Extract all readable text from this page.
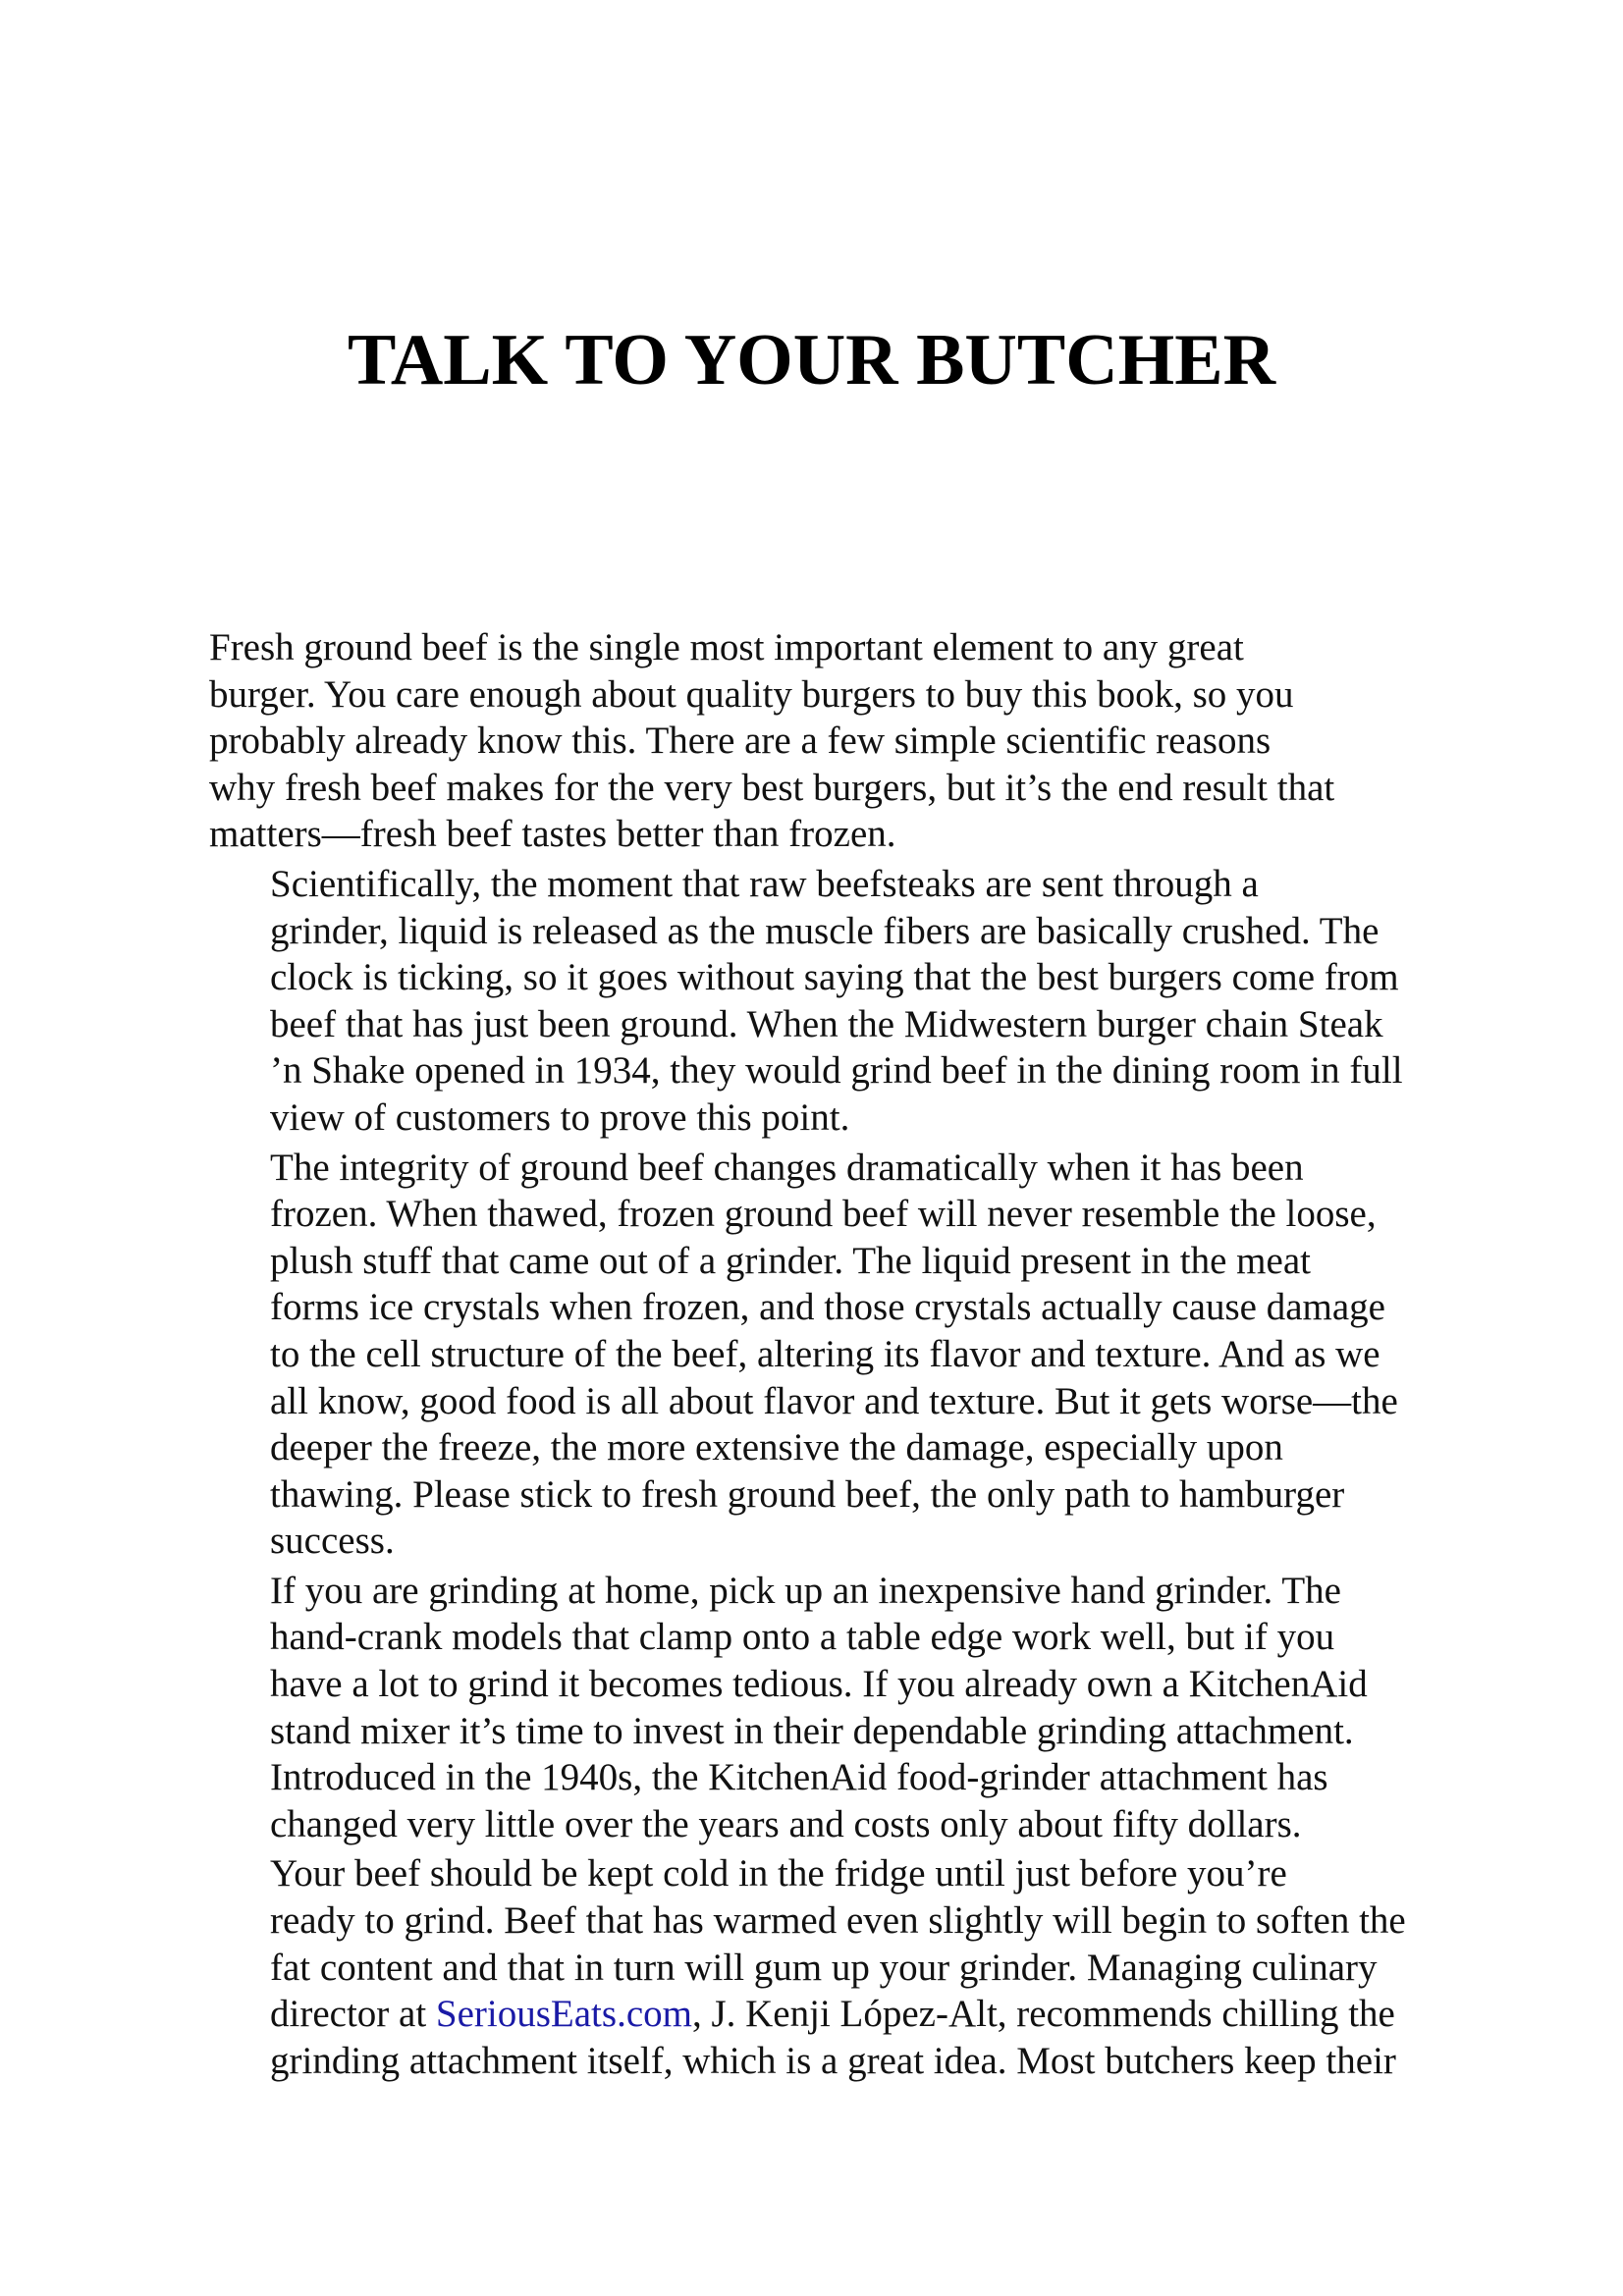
TALK TO YOUR BUTCHER

Fresh ground beef is the single most important element to any great
burger. You care enough about quality burgers to buy this book, so you
probably already know this. There are a few simple scientific reasons
why fresh beef makes for the very best burgers, but it’s the end result that
matters—fresh beef tastes better than frozen.

Scientifically, the moment that raw beefsteaks are sent through a
grinder, liquid is released as the muscle fibers are basically crushed. The
clock is ticking, so it goes without saying that the best burgers come from
beef that has just been ground. When the Midwestern burger chain Steak
’n Shake opened in 1934, they would grind beef in the dining room in full
view of customers to prove this point.

The integrity of ground beef changes dramatically when it has been
frozen. When thawed, frozen ground beef will never resemble the loose,
plush stuff that came out of a grinder. The liquid present in the meat
forms ice crystals when frozen, and those crystals actually cause damage
to the cell structure of the beef, altering its flavor and texture. And as we
all know, good food is all about flavor and texture. But it gets worse—the
deeper the freeze, the more extensive the damage, especially upon
thawing. Please stick to fresh ground beef, the only path to hamburger
success.

If you are grinding at home, pick up an inexpensive hand grinder. The
hand-crank models that clamp onto a table edge work well, but if you
have a lot to grind it becomes tedious. If you already own a KitchenAid
stand mixer it’s time to invest in their dependable grinding attachment.
Introduced in the 1940s, the KitchenAid food-grinder attachment has
changed very little over the years and costs only about fifty dollars.

Your beef should be kept cold in the fridge until just before you’re
ready to grind. Beef that has warmed even slightly will begin to soften the
fat content and that in turn will gum up your grinder. Managing culinary
director at SeriousEats.com, J. Kenji López-Alt, recommends chilling the
grinding attachment itself, which is a great idea. Most butchers keep their
